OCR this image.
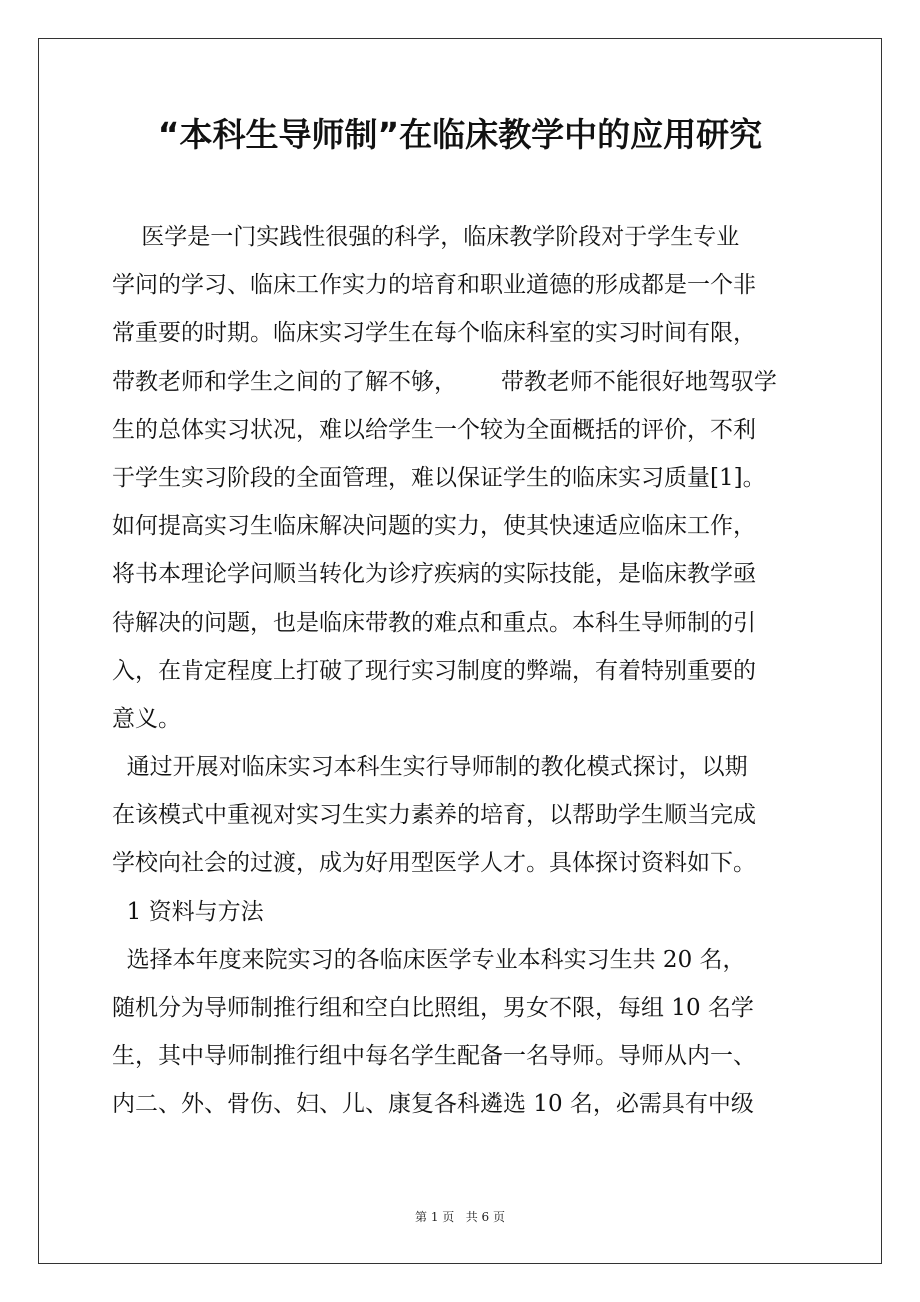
“本科生导师制”在临床教学中的应用研究
医学是一门实践性很强的科学，临床教学阶段对于学生专业
学问的学习、临床工作实力的培育和职业道德的形成都是一个非
常重要的时期。临床实习学生在每个临床科室的实习时间有限，
带教老师和学生之间的了解不够，      带教老师不能很好地驾驭学
生的总体实习状况，难以给学生一个较为全面概括的评价，不利
于学生实习阶段的全面管理，难以保证学生的临床实习质量[1]。
如何提高实习生临床解决问题的实力，使其快速适应临床工作，
将书本理论学问顺当转化为诊疗疾病的实际技能，是临床教学亟
待解决的问题，也是临床带教的难点和重点。本科生导师制的引
入，在肯定程度上打破了现行实习制度的弊端，有着特别重要的
意义。
通过开展对临床实习本科生实行导师制的教化模式探讨，以期
在该模式中重视对实习生实力素养的培育，以帮助学生顺当完成
学校向社会的过渡，成为好用型医学人才。具体探讨资料如下。
1 资料与方法
选择本年度来院实习的各临床医学专业本科实习生共 20 名，
随机分为导师制推行组和空白比照组，男女不限，每组 10 名学
生，其中导师制推行组中每名学生配备一名导师。导师从内一、
内二、外、骨伤、妇、儿、康复各科遴选 10 名，必需具有中级
第 1 页   共 6 页
